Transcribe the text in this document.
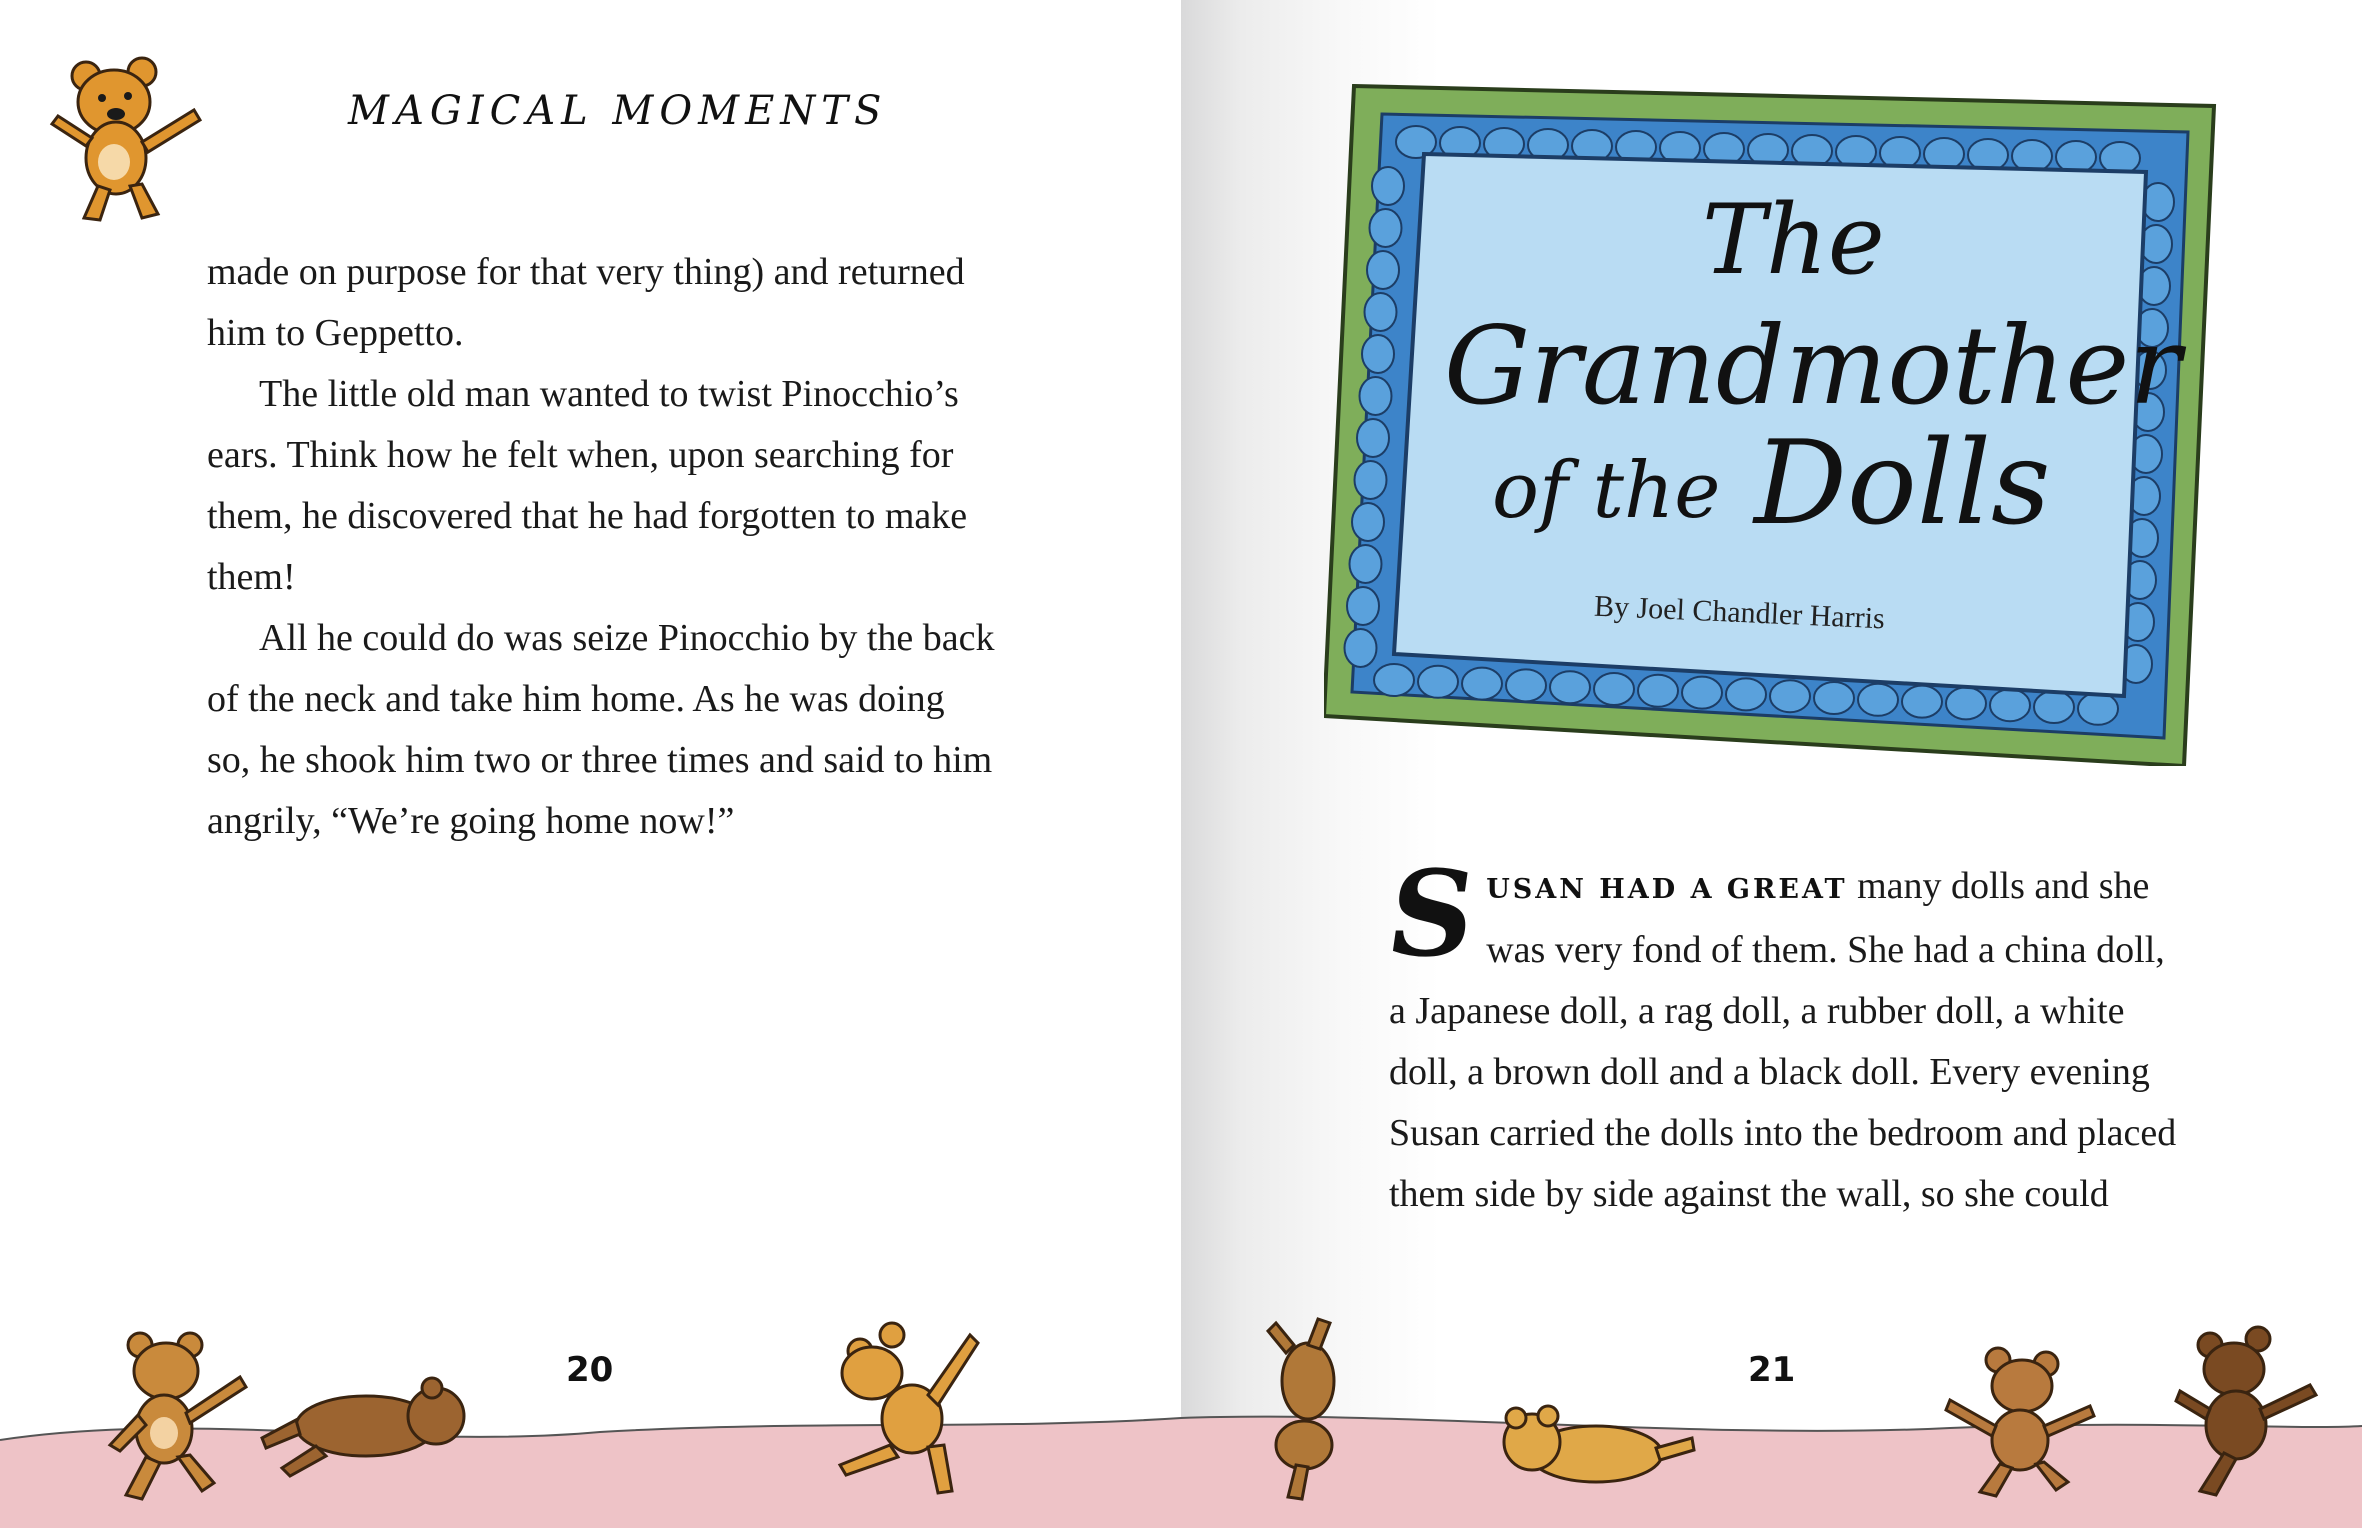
MAGICAL MOMENTS

made on purpose for that very thing) and returned him to Geppetto.

The little old man wanted to twist Pinocchio’s ears. Think how he felt when, upon searching for them, he discovered that he had forgotten to make them!

All he could do was seize Pinocchio by the back of the neck and take him home. As he was doing so, he shook him two or three times and said to him angrily, “We’re going home now!”

20
The
Grandmother
of the Dolls
By Joel Chandler Harris

SUSAN HAD A GREAT many dolls and she was very fond of them. She had a china doll, a Japanese doll, a rag doll, a rubber doll, a white doll, a brown doll and a black doll. Every evening Susan carried the dolls into the bedroom and placed them side by side against the wall, so she could

21
